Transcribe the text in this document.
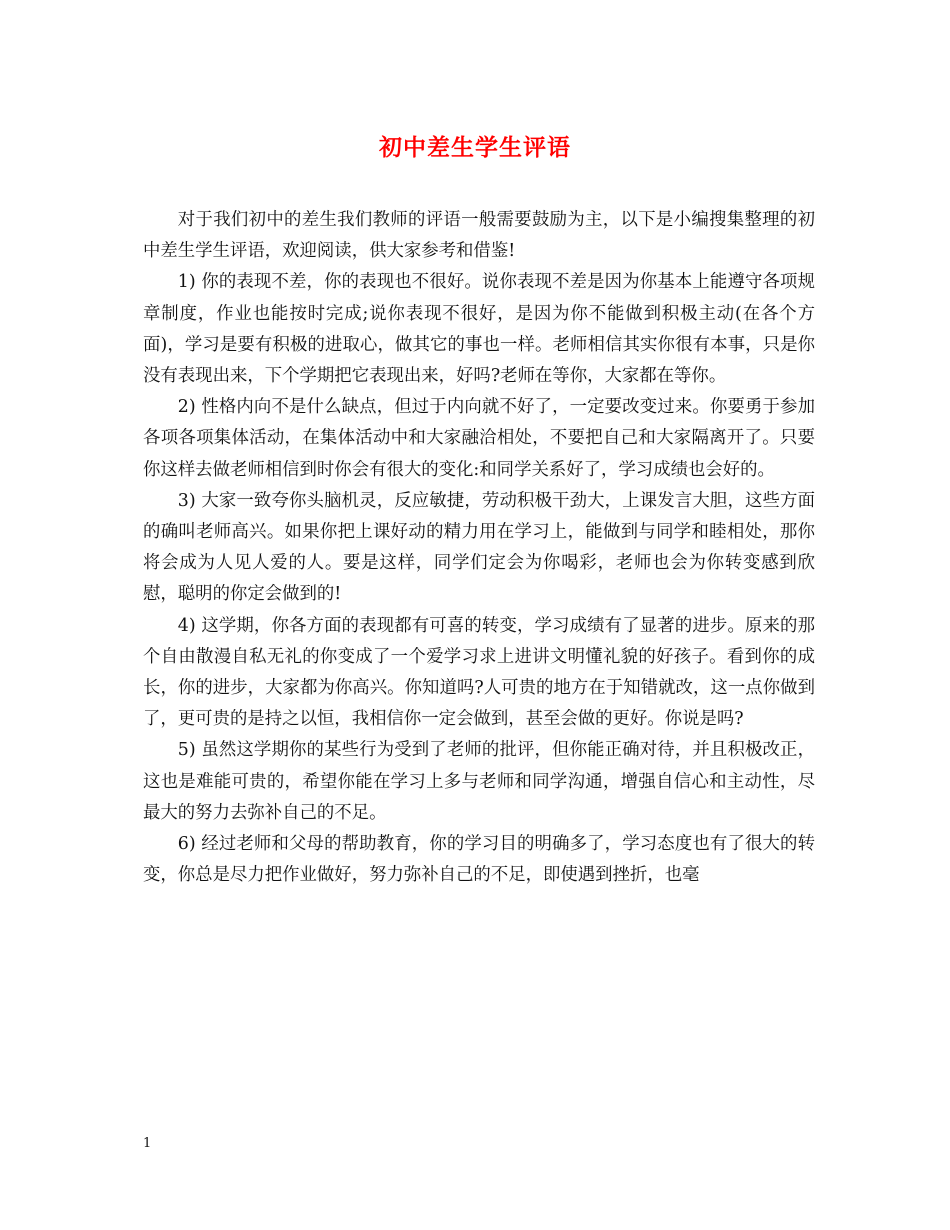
初中差生学生评语

对于我们初中的差生我们教师的评语一般需要鼓励为主，以下是小编搜集整理的初中差生学生评语，欢迎阅读，供大家参考和借鉴!

1) 你的表现不差，你的表现也不很好。说你表现不差是因为你基本上能遵守各项规章制度，作业也能按时完成;说你表现不很好，是因为你不能做到积极主动(在各个方面)，学习是要有积极的进取心，做其它的事也一样。老师相信其实你很有本事，只是你没有表现出来，下个学期把它表现出来，好吗?老师在等你，大家都在等你。

2) 性格内向不是什么缺点，但过于内向就不好了，一定要改变过来。你要勇于参加各项各项集体活动，在集体活动中和大家融洽相处，不要把自己和大家隔离开了。只要你这样去做老师相信到时你会有很大的变化:和同学关系好了，学习成绩也会好的。

3) 大家一致夸你头脑机灵，反应敏捷，劳动积极干劲大，上课发言大胆，这些方面的确叫老师高兴。如果你把上课好动的精力用在学习上，能做到与同学和睦相处，那你将会成为人见人爱的人。要是这样，同学们定会为你喝彩，老师也会为你转变感到欣慰，聪明的你定会做到的!

4) 这学期，你各方面的表现都有可喜的转变，学习成绩有了显著的进步。原来的那个自由散漫自私无礼的你变成了一个爱学习求上进讲文明懂礼貌的好孩子。看到你的成长，你的进步，大家都为你高兴。你知道吗?人可贵的地方在于知错就改，这一点你做到了，更可贵的是持之以恒，我相信你一定会做到，甚至会做的更好。你说是吗?

5) 虽然这学期你的某些行为受到了老师的批评，但你能正确对待，并且积极改正，这也是难能可贵的，希望你能在学习上多与老师和同学沟通，增强自信心和主动性，尽最大的努力去弥补自己的不足。

6) 经过老师和父母的帮助教育，你的学习目的明确多了，学习态度也有了很大的转变，你总是尽力把作业做好，努力弥补自己的不足，即使遇到挫折，也毫

1
